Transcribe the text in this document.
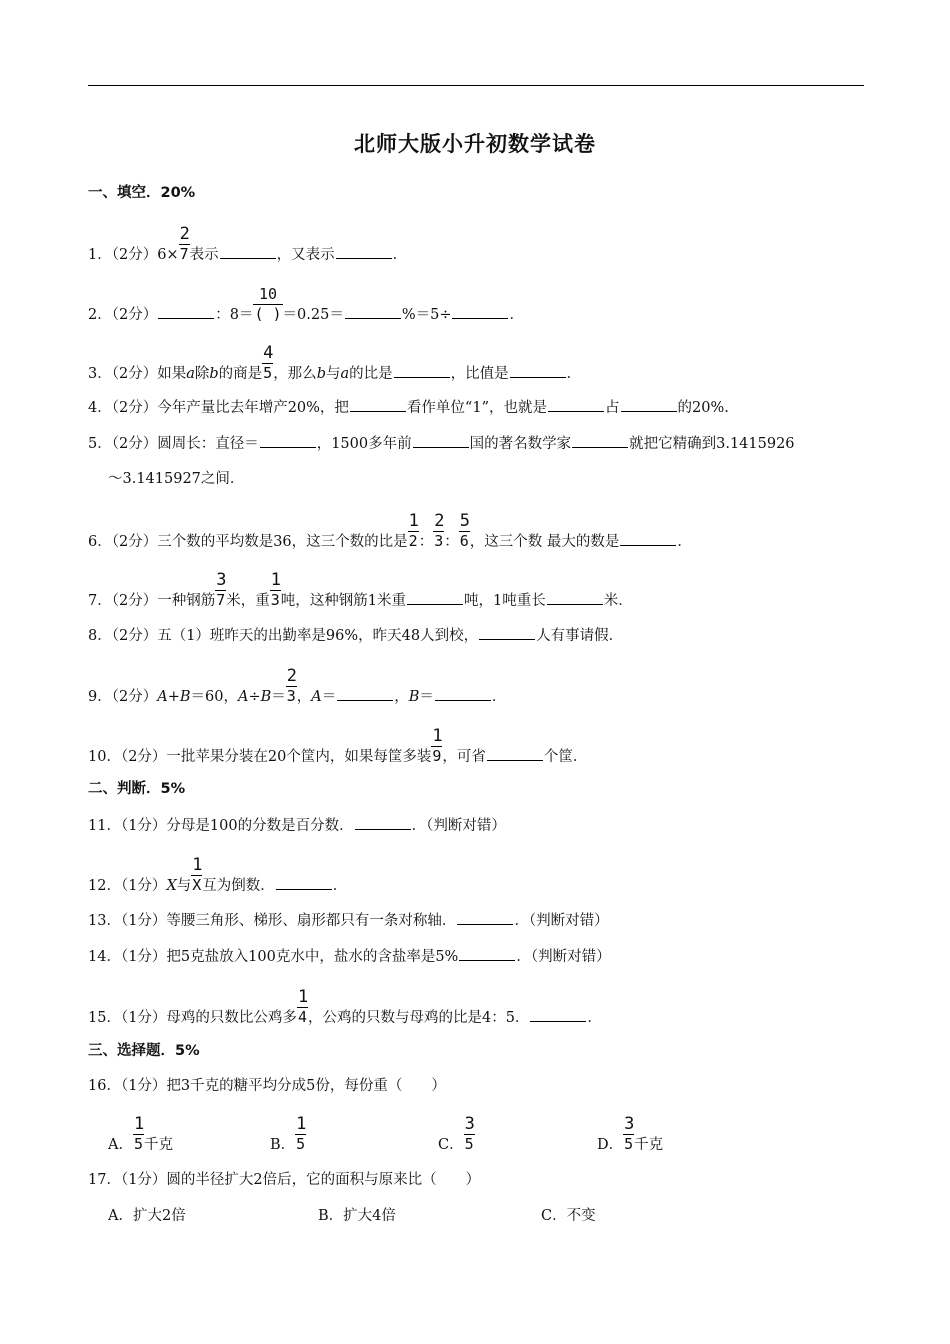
北师大版小升初数学试卷
一、填空．20%
1．（2分）$6\times \frac{2}{7}$表示	，又表示	．
2．（2分）	：$8= \frac{10}{( )}=0.25=$	%＝5÷	．
3．（2分）如果a除b的商是 $\frac{4}{5}$，那么b与a的比是	，比值是	．
4．（2分）今年产量比去年增产20%，把	看作单位“1”，也就是	占	的20%.
5．（2分）圆周长：直径＝	，1500多年前	国的著名数学家	就把它精确到3.1415926
～3.1415927之间．
6．（2分）三个数的平均数是36，这三个数的比是 $\frac{1}{2}$： $\frac{2}{3}$： $\frac{5}{6}$，这三个数 最大的数是	．
7．（2分）一种钢筋 $\frac{3}{7}$米，重 $\frac{1}{3}$吨，这种钢筋1米重	吨，1吨重长	米．
8．（2分）五（1）班昨天的出勤率是96%，昨天48人到校，	人有事请假．
9．（2分）A+B＝60，$A\div B= \frac{2}{3}$，A＝	，B＝	．
10．（2分）一批苹果分装在20个筐内，如果每筐多装 $\frac{1}{9}$，可省	个筐．
二、判断．5%
11．（1分）分母是100的分数是百分数．	．（判断对错）
12．（1分）X与 $\frac{1}{X}$互为倒数．	．
13．（1分）等腰三角形、梯形、扇形都只有一条对称轴．	．（判断对错）
14．（1分）把5克盐放入100克水中，盐水的含盐率是5%	．（判断对错）
15．（1分）母鸡的只数比公鸡多 $\frac{1}{4}$，公鸡的只数与母鸡的比是4：5．	．
三、选择题．5%
16．（1分）把3千克的糖平均分成5份，每份重（　　）
A． $\frac{1}{5}$千克	B． $\frac{1}{5}$	C． $\frac{3}{5}$	D． $\frac{3}{5}$千克
17．（1分）圆的半径扩大2倍后，它的面积与原来比（　　）
A．扩大2倍	B．扩大4倍	C．不变
